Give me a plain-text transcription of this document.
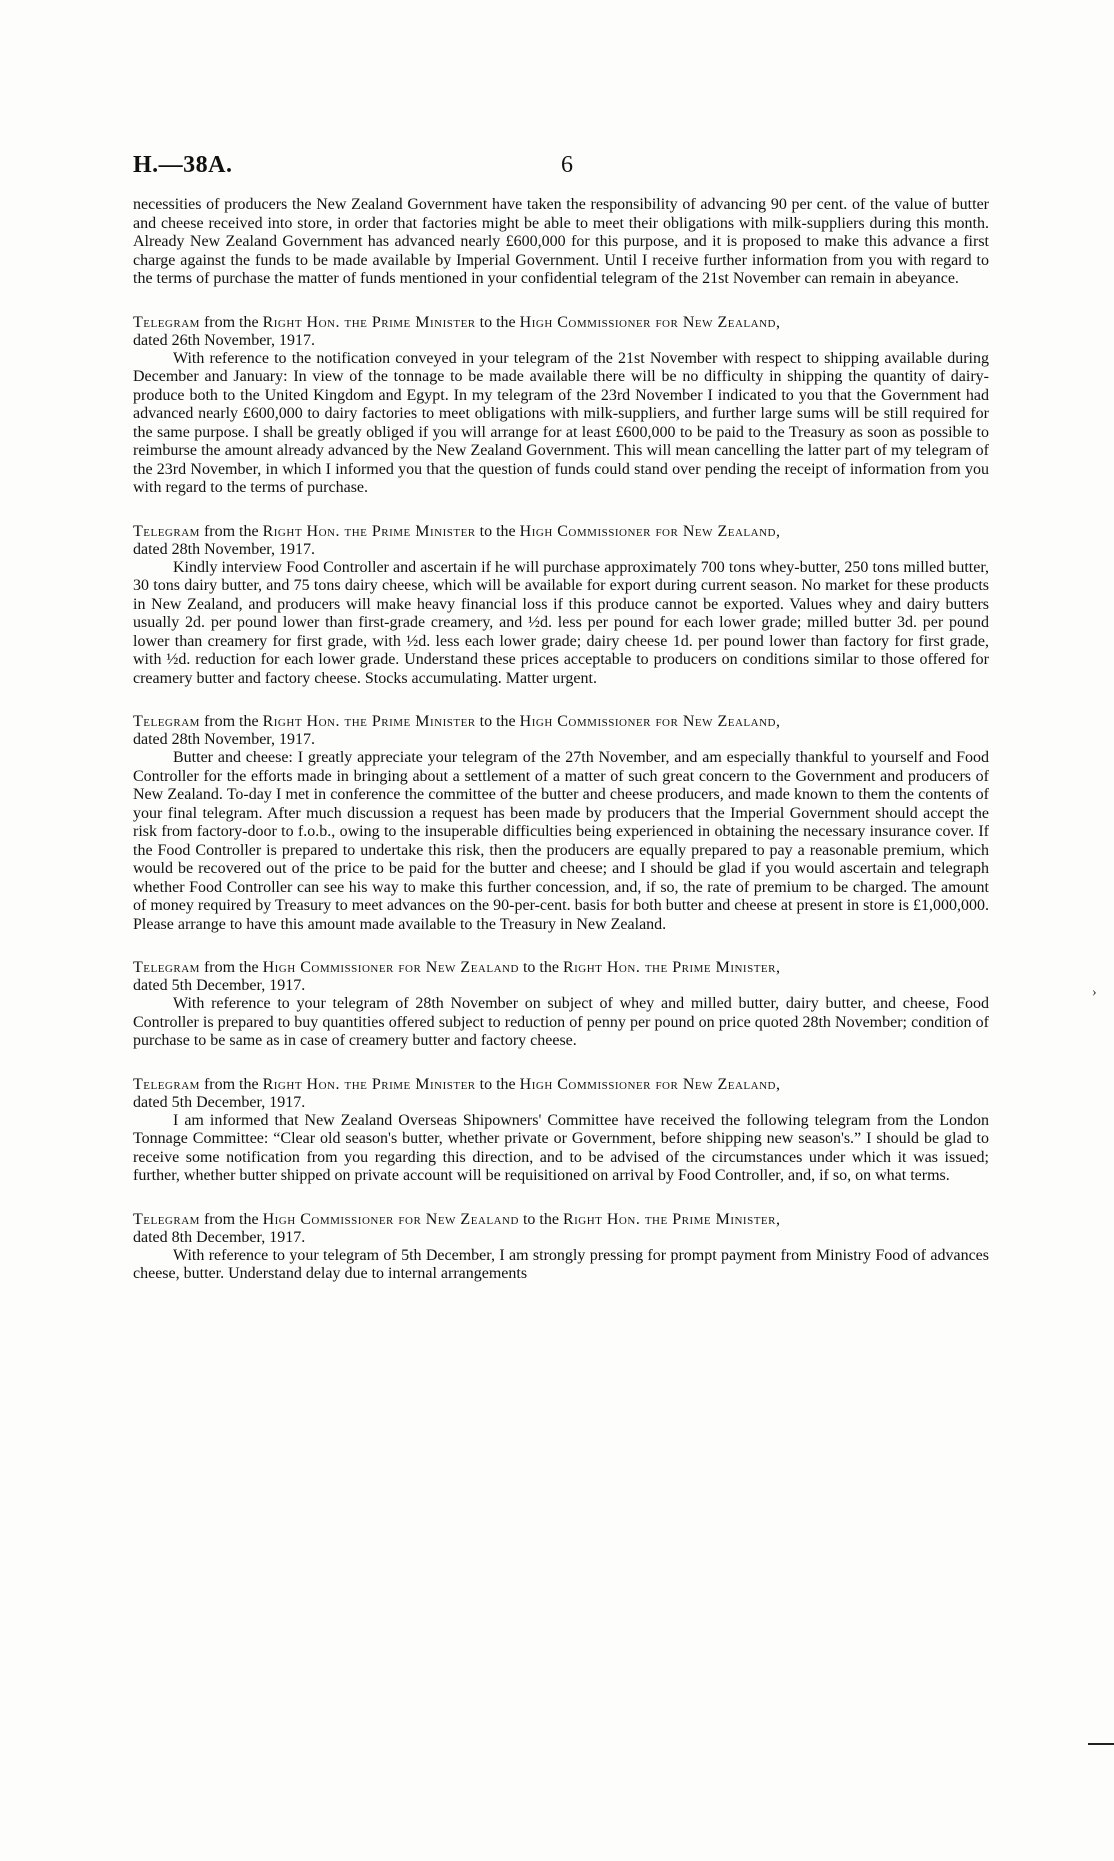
H.—38A.	6

necessities of producers the New Zealand Government have taken the responsibility of advancing 90 per cent. of the value of butter and cheese received into store, in order that factories might be able to meet their obligations with milk-suppliers during this month. Already New Zealand Government has advanced nearly £600,000 for this purpose, and it is proposed to make this advance a first charge against the funds to be made available by Imperial Government. Until I receive further information from you with regard to the terms of purchase the matter of funds mentioned in your confidential telegram of the 21st November can remain in abeyance.

Telegram from the Right Hon. the Prime Minister to the High Commissioner for New Zealand,

dated 26th November, 1917.

With reference to the notification conveyed in your telegram of the 21st November with respect to shipping available during December and January: In view of the tonnage to be made available there will be no difficulty in shipping the quantity of dairy-produce both to the United Kingdom and Egypt. In my telegram of the 23rd November I indicated to you that the Government had advanced nearly £600,000 to dairy factories to meet obligations with milk-suppliers, and further large sums will be still required for the same purpose. I shall be greatly obliged if you will arrange for at least £600,000 to be paid to the Treasury as soon as possible to reimburse the amount already advanced by the New Zealand Government. This will mean cancelling the latter part of my telegram of the 23rd November, in which I informed you that the question of funds could stand over pending the receipt of information from you with regard to the terms of purchase.

Telegram from the Right Hon. the Prime Minister to the High Commissioner for New Zealand,

dated 28th November, 1917.

Kindly interview Food Controller and ascertain if he will purchase approximately 700 tons whey-butter, 250 tons milled butter, 30 tons dairy butter, and 75 tons dairy cheese, which will be available for export during current season. No market for these products in New Zealand, and producers will make heavy financial loss if this produce cannot be exported. Values whey and dairy butters usually 2d. per pound lower than first-grade creamery, and ½d. less per pound for each lower grade; milled butter 3d. per pound lower than creamery for first grade, with ½d. less each lower grade; dairy cheese 1d. per pound lower than factory for first grade, with ½d. reduction for each lower grade. Understand these prices acceptable to producers on conditions similar to those offered for creamery butter and factory cheese. Stocks accumulating. Matter urgent.

Telegram from the Right Hon. the Prime Minister to the High Commissioner for New Zealand,

dated 28th November, 1917.

Butter and cheese: I greatly appreciate your telegram of the 27th November, and am especially thankful to yourself and Food Controller for the efforts made in bringing about a settlement of a matter of such great concern to the Government and producers of New Zealand. To-day I met in conference the committee of the butter and cheese producers, and made known to them the contents of your final telegram. After much discussion a request has been made by producers that the Imperial Government should accept the risk from factory-door to f.o.b., owing to the insuperable difficulties being experienced in obtaining the necessary insurance cover. If the Food Controller is prepared to undertake this risk, then the producers are equally prepared to pay a reasonable premium, which would be recovered out of the price to be paid for the butter and cheese; and I should be glad if you would ascertain and telegraph whether Food Controller can see his way to make this further concession, and, if so, the rate of premium to be charged. The amount of money required by Treasury to meet advances on the 90-per-cent. basis for both butter and cheese at present in store is £1,000,000. Please arrange to have this amount made available to the Treasury in New Zealand.

Telegram from the High Commissioner for New Zealand to the Right Hon. the Prime Minister,

dated 5th December, 1917.

With reference to your telegram of 28th November on subject of whey and milled butter, dairy butter, and cheese, Food Controller is prepared to buy quantities offered subject to reduction of penny per pound on price quoted 28th November; condition of purchase to be same as in case of creamery butter and factory cheese.

Telegram from the Right Hon. the Prime Minister to the High Commissioner for New Zealand,

dated 5th December, 1917.

I am informed that New Zealand Overseas Shipowners' Committee have received the following telegram from the London Tonnage Committee: “Clear old season's butter, whether private or Government, before shipping new season's.” I should be glad to receive some notification from you regarding this direction, and to be advised of the circumstances under which it was issued; further, whether butter shipped on private account will be requisitioned on arrival by Food Controller, and, if so, on what terms.

Telegram from the High Commissioner for New Zealand to the Right Hon. the Prime Minister,

dated 8th December, 1917.

With reference to your telegram of 5th December, I am strongly pressing for prompt payment from Ministry Food of advances cheese, butter. Understand delay due to internal arrangements

›
